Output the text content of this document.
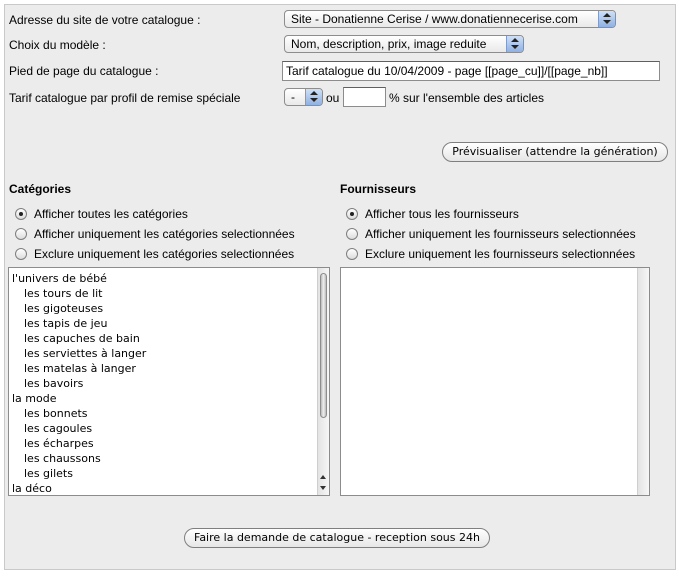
Adresse du site de votre catalogue :	Site - Donatienne Cerise / www.donatiennecerise.com
Choix du modèle :	Nom, description, prix, image reduite
Pied de page du catalogue :	Tarif catalogue du 10/04/2009 - page [[page_cu]]/[[page_nb]]
Tarif catalogue par profil de remise spéciale	-	ou	% sur l'ensemble des articles
Prévisualiser (attendre la génération)
Catégories
Afficher toutes les catégories
Afficher uniquement les catégories selectionnées
Exclure uniquement les catégories selectionnées
l'univers de bébé
les tours de lit
les gigoteuses
les tapis de jeu
les capuches de bain
les serviettes à langer
les matelas à langer
les bavoirs
la mode
les bonnets
les cagoules
les écharpes
les chaussons
les gilets
la déco
Fournisseurs
Afficher tous les fournisseurs
Afficher uniquement les fournisseurs selectionnées
Exclure uniquement les fournisseurs selectionnées
Faire la demande de catalogue - reception sous 24h
